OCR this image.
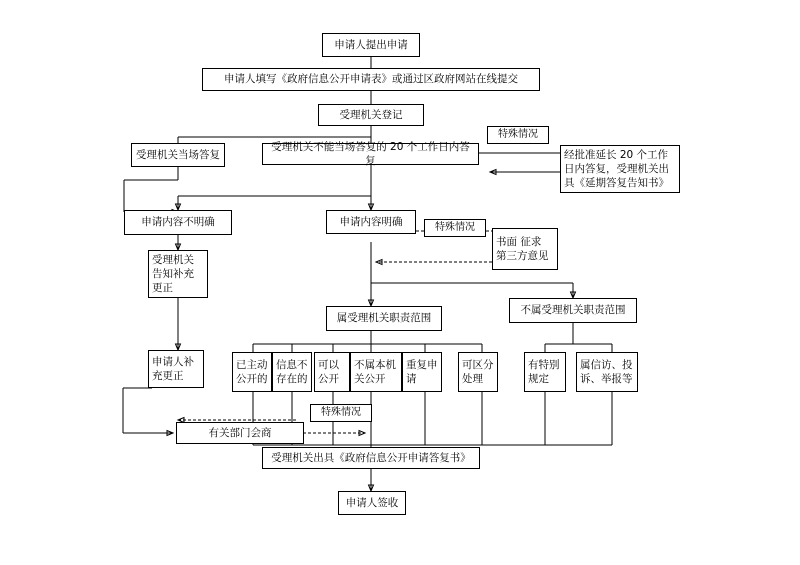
申请人提出申请
申请人填写《政府信息公开申请表》或通过区政府网站在线提交
受理机关登记
受理机关当场答复
受理机关不能当场答复的 20 个工作日内答复
特殊情况
经批准延长 20 个工作日内答复，受理机关出具《延期答复告知书》
申请内容不明确	申请内容明确	特殊情况
书面 征求 第三方意见
受理机关告知补充更正
属受理机关职责范围
不属受理机关职责范围
申请人补充更正
已主动公开的
信息不存在的
可以公开
不属本机关公开
重复申请
可区分处理
有特别规定
属信访、投诉、举报等
特殊情况
有关部门会商
受理机关出具《政府信息公开申请答复书》
申请人签收
